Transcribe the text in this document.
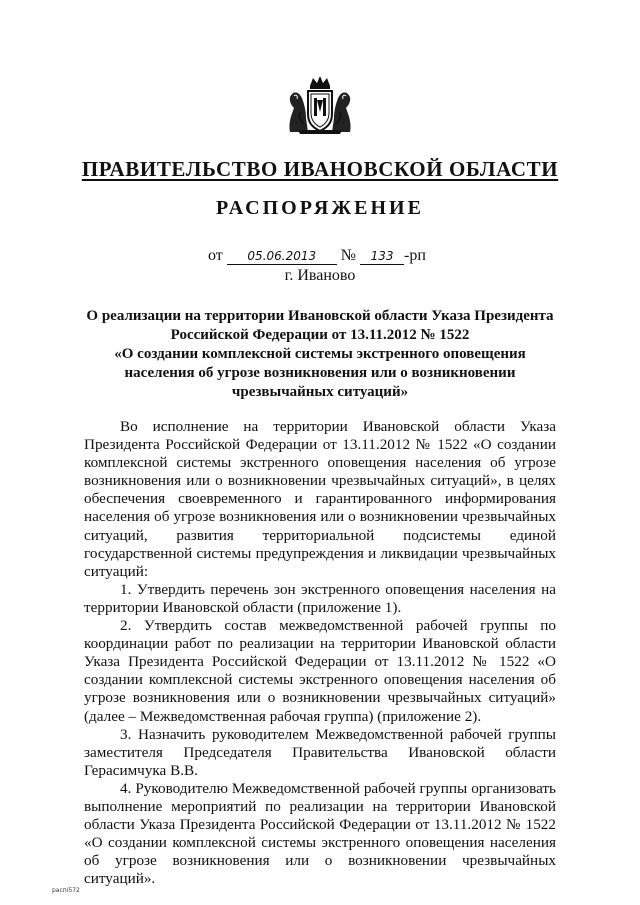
ПРАВИТЕЛЬСТВО ИВАНОВСКОЙ ОБЛАСТИ
РАСПОРЯЖЕНИЕ
от 05.06.2013 № 133 -рп
г. Иваново
О реализации на территории Ивановской области Указа Президента
Российской Федерации от 13.11.2012 № 1522
«О создании комплексной системы экстренного оповещения
населения об угрозе возникновения или о возникновении
чрезвычайных ситуаций»

Во исполнение на территории Ивановской области Указа Президента Российской Федерации от 13.11.2012 № 1522 «О создании комплексной системы экстренного оповещения населения об угрозе возникновения или о возникновении чрезвычайных ситуаций», в целях обеспечения своевременного и гарантированного информирования населения об угрозе возникновения или о возникновении чрезвычайных ситуаций, развития территориальной подсистемы единой государственной системы предупреждения и ликвидации чрезвычайных ситуаций:

1. Утвердить перечень зон экстренного оповещения населения на территории Ивановской области (приложение 1).

2. Утвердить состав межведомственной рабочей группы по координации работ по реализации на территории Ивановской области Указа Президента Российской Федерации от 13.11.2012 № 1522 «О создании комплексной системы экстренного оповещения населения об угрозе возникновения или о возникновении чрезвычайных ситуаций» (далее – Межведомственная рабочая группа) (приложение 2).

3. Назначить руководителем Межведомственной рабочей группы заместителя Председателя Правительства Ивановской области Герасимчука В.В.

4. Руководителю Межведомственной рабочей группы организовать выполнение мероприятий по реализации на территории Ивановской области Указа Президента Российской Федерации от 13.11.2012 № 1522 «О создании комплексной системы экстренного оповещения населения об угрозе возникновения или о возникновении чрезвычайных ситуаций».

распі572
